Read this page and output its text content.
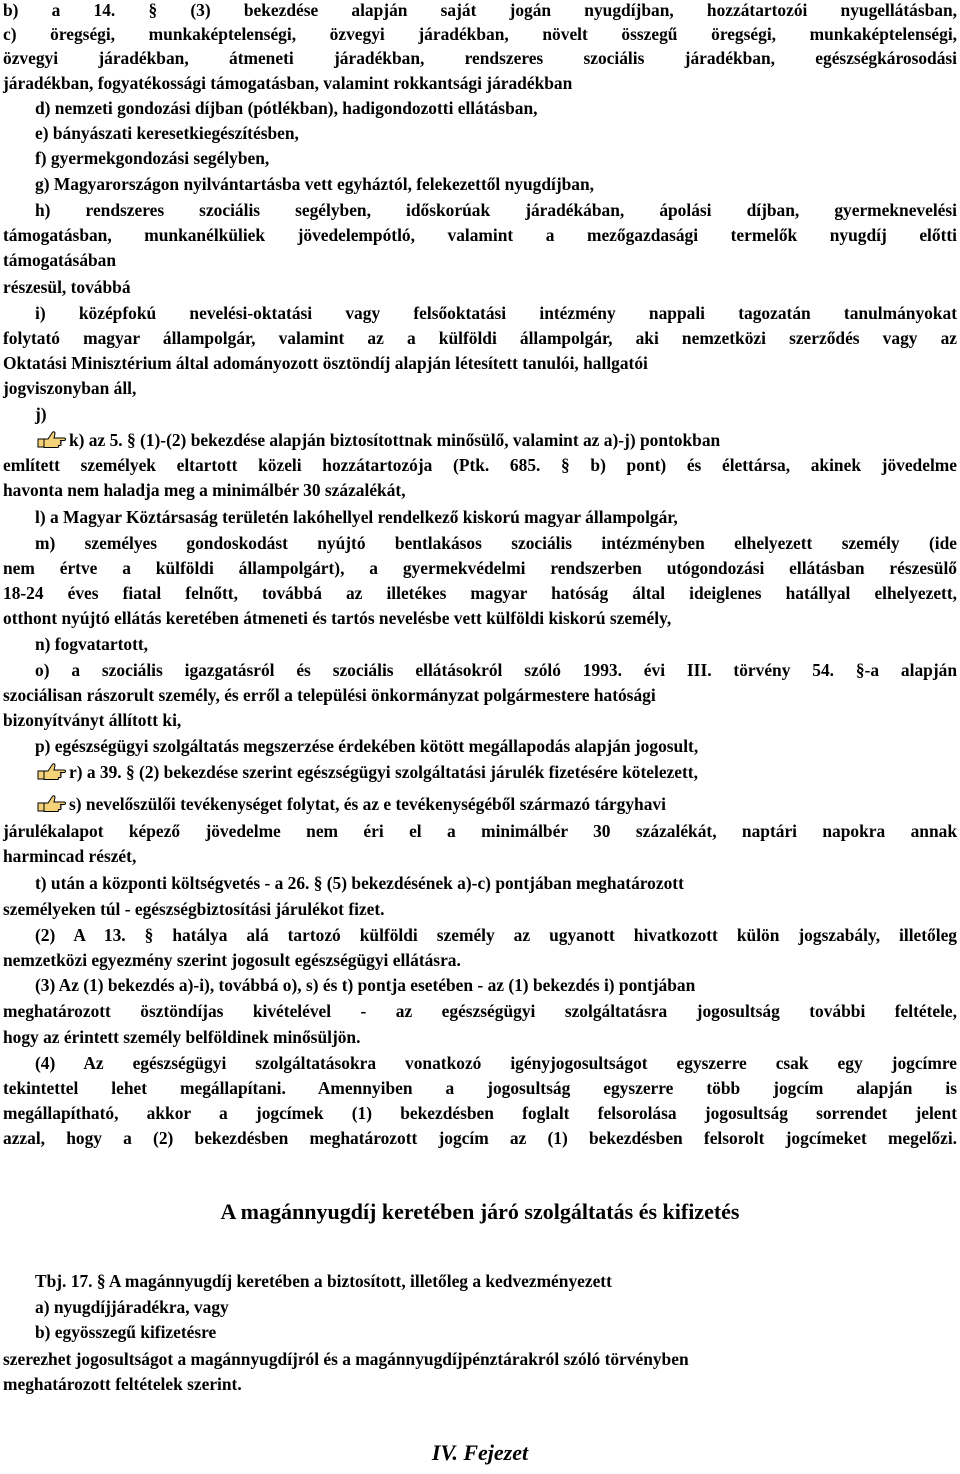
b) a 14. § (3) bekezdése alapján saját jogán nyugdíjban, hozzátartozói nyugellátásban,
c) öregségi, munkaképtelenségi, özvegyi járadékban, növelt összegű öregségi, munkaképtelenségi,
özvegyi járadékban, átmeneti járadékban, rendszeres szociális járadékban, egészségkárosodási
járadékban, fogyatékossági támogatásban, valamint rokkantsági járadékban
d) nemzeti gondozási díjban (pótlékban), hadigondozotti ellátásban,
e) bányászati keresetkiegészítésben,
f) gyermekgondozási segélyben,
g) Magyarországon nyilvántartásba vett egyháztól, felekezettől nyugdíjban,
h) rendszeres szociális segélyben, időskorúak járadékában, ápolási díjban, gyermeknevelési
támogatásban, munkanélküliek jövedelempótló, valamint a mezőgazdasági termelők nyugdíj előtti
támogatásában
részesül, továbbá
i) középfokú nevelési-oktatási vagy felsőoktatási intézmény nappali tagozatán tanulmányokat
folytató magyar állampolgár, valamint az a külföldi állampolgár, aki nemzetközi szerződés vagy az
Oktatási Minisztérium által adományozott ösztöndíj alapján létesített tanulói, hallgatói
jogviszonyban áll,
j)
k) az 5. § (1)-(2) bekezdése alapján biztosítottnak minősülő, valamint az a)-j) pontokban
említett személyek eltartott közeli hozzátartozója (Ptk. 685. § b) pont) és élettársa, akinek jövedelme
havonta nem haladja meg a minimálbér 30 százalékát,
l) a Magyar Köztársaság területén lakóhellyel rendelkező kiskorú magyar állampolgár,
m) személyes gondoskodást nyújtó bentlakásos szociális intézményben elhelyezett személy (ide
nem értve a külföldi állampolgárt), a gyermekvédelmi rendszerben utógondozási ellátásban részesülő
18-24 éves fiatal felnőtt, továbbá az illetékes magyar hatóság által ideiglenes hatállyal elhelyezett,
otthont nyújtó ellátás keretében átmeneti és tartós nevelésbe vett külföldi kiskorú személy,
n) fogvatartott,
o) a szociális igazgatásról és szociális ellátásokról szóló 1993. évi III. törvény 54. §-a alapján
szociálisan rászorult személy, és erről a települési önkormányzat polgármestere hatósági
bizonyítványt állított ki,
p) egészségügyi szolgáltatás megszerzése érdekében kötött megállapodás alapján jogosult,
r) a 39. § (2) bekezdése szerint egészségügyi szolgáltatási járulék fizetésére kötelezett,
s) nevelőszülői tevékenységet folytat, és az e tevékenységéből származó tárgyhavi
járulékalapot képező jövedelme nem éri el a minimálbér 30 százalékát, naptári napokra annak
harmincad részét,
t) után a központi költségvetés - a 26. § (5) bekezdésének a)-c) pontjában meghatározott
személyeken túl - egészségbiztosítási járulékot fizet.
(2) A 13. § hatálya alá tartozó külföldi személy az ugyanott hivatkozott külön jogszabály, illetőleg
nemzetközi egyezmény szerint jogosult egészségügyi ellátásra.
(3) Az (1) bekezdés a)-i), továbbá o), s) és t) pontja esetében - az (1) bekezdés i) pontjában
meghatározott ösztöndíjas kivételével - az egészségügyi szolgáltatásra jogosultság további feltétele,
hogy az érintett személy belföldinek minősüljön.
(4) Az egészségügyi szolgáltatásokra vonatkozó igényjogosultságot egyszerre csak egy jogcímre
tekintettel lehet megállapítani. Amennyiben a jogosultság egyszerre több jogcím alapján is
megállapítható, akkor a jogcímek (1) bekezdésben foglalt felsorolása jogosultság sorrendet jelent
azzal, hogy a (2) bekezdésben meghatározott jogcím az (1) bekezdésben felsorolt jogcímeket megelőzi.
A magánnyugdíj keretében járó szolgáltatás és kifizetés
Tbj. 17. § A magánnyugdíj keretében a biztosított, illetőleg a kedvezményezett
a) nyugdíjjáradékra, vagy
b) egyösszegű kifizetésre
szerezhet jogosultságot a magánnyugdíjról és a magánnyugdíjpénztárakról szóló törvényben
meghatározott feltételek szerint.
IV. Fejezet
